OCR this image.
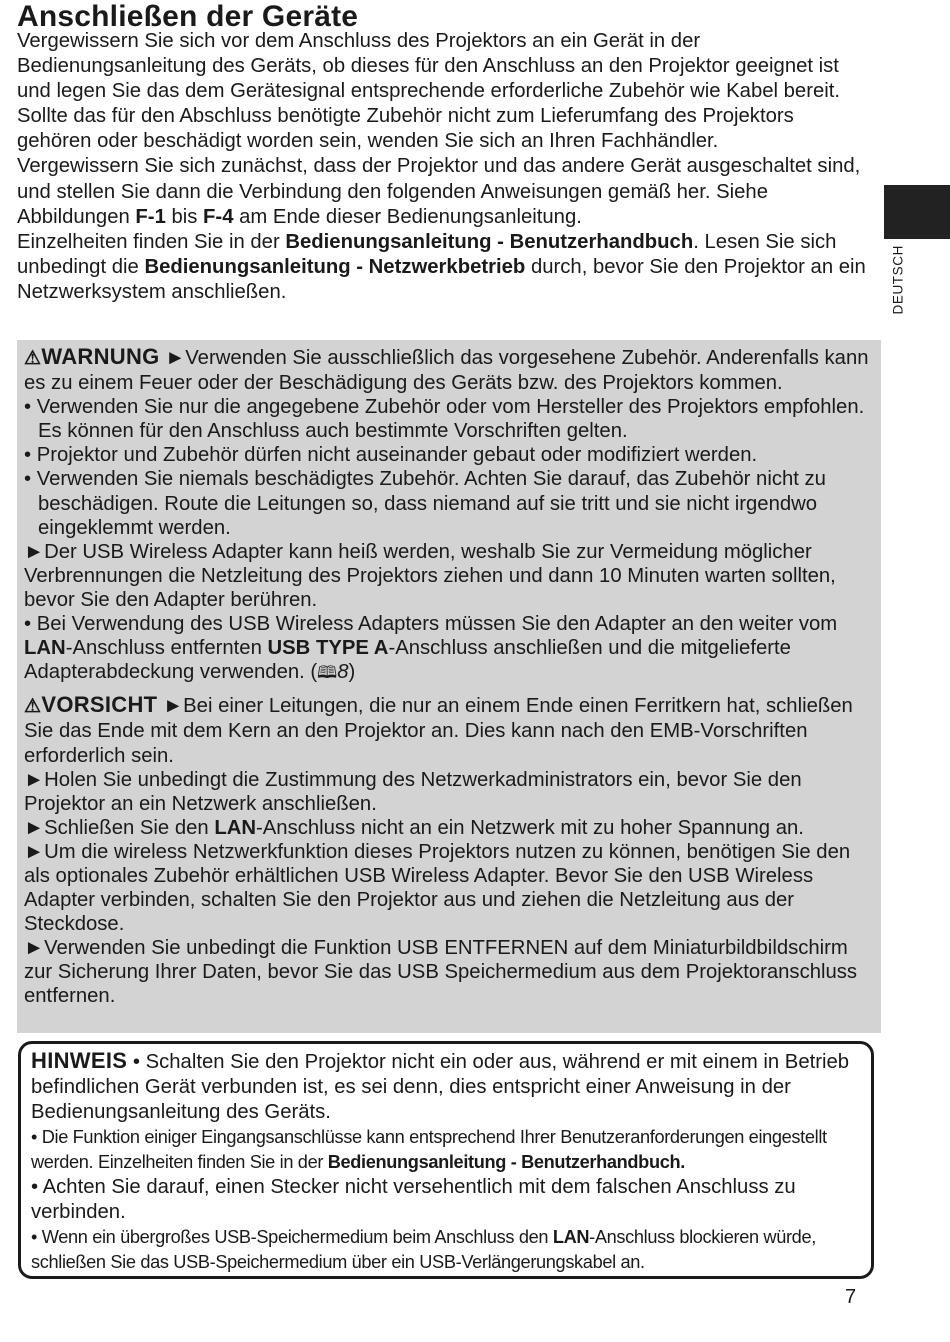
Anschließen der Geräte

Vergewissern Sie sich vor dem Anschluss des Projektors an ein Gerät in der Bedienungsanleitung des Geräts, ob dieses für den Anschluss an den Projektor geeignet ist und legen Sie das dem Gerätesignal entsprechende erforderliche Zubehör wie Kabel bereit. Sollte das für den Abschluss benötigte Zubehör nicht zum Lieferumfang des Projektors gehören oder beschädigt worden sein, wenden Sie sich an Ihren Fachhändler.

Vergewissern Sie sich zunächst, dass der Projektor und das andere Gerät ausgeschaltet sind, und stellen Sie dann die Verbindung den folgenden Anweisungen gemäß her. Siehe Abbildungen F-1 bis F-4 am Ende dieser Bedienungsanleitung.

Einzelheiten finden Sie in der Bedienungsanleitung - Benutzerhandbuch. Lesen Sie sich unbedingt die Bedienungsanleitung - Netzwerkbetrieb durch, bevor Sie den Projektor an ein Netzwerksystem anschließen.	DEUTSCH

⚠WARNUNG ►Verwenden Sie ausschließlich das vorgesehene Zubehör. Anderenfalls kann es zu einem Feuer oder der Beschädigung des Geräts bzw. des Projektors kommen.

• Verwenden Sie nur die angegebene Zubehör oder vom Hersteller des Projektors empfohlen. Es können für den Anschluss auch bestimmte Vorschriften gelten.

• Projektor und Zubehör dürfen nicht auseinander gebaut oder modifiziert werden.

• Verwenden Sie niemals beschädigtes Zubehör. Achten Sie darauf, das Zubehör nicht zu beschädigen. Route die Leitungen so, dass niemand auf sie tritt und sie nicht irgendwo eingeklemmt werden.

►Der USB Wireless Adapter kann heiß werden, weshalb Sie zur Vermeidung möglicher Verbrennungen die Netzleitung des Projektors ziehen und dann 10 Minuten warten sollten, bevor Sie den Adapter berühren.

• Bei Verwendung des USB Wireless Adapters müssen Sie den Adapter an den weiter vom LAN-Anschluss entfernten USB TYPE A-Anschluss anschließen und die mitgelieferte Adapterabdeckung verwenden. (🕮8)

⚠VORSICHT ►Bei einer Leitungen, die nur an einem Ende einen Ferritkern hat, schließen Sie das Ende mit dem Kern an den Projektor an. Dies kann nach den EMB-Vorschriften erforderlich sein.

►Holen Sie unbedingt die Zustimmung des Netzwerkadministrators ein, bevor Sie den Projektor an ein Netzwerk anschließen.

►Schließen Sie den LAN-Anschluss nicht an ein Netzwerk mit zu hoher Spannung an.

►Um die wireless Netzwerkfunktion dieses Projektors nutzen zu können, benötigen Sie den als optionales Zubehör erhältlichen USB Wireless Adapter. Bevor Sie den USB Wireless Adapter verbinden, schalten Sie den Projektor aus und ziehen die Netzleitung aus der Steckdose.

►Verwenden Sie unbedingt die Funktion USB ENTFERNEN auf dem Miniaturbildbildschirm zur Sicherung Ihrer Daten, bevor Sie das USB Speichermedium aus dem Projektoranschluss entfernen.

HINWEIS • Schalten Sie den Projektor nicht ein oder aus, während er mit einem in Betrieb befindlichen Gerät verbunden ist, es sei denn, dies entspricht einer Anweisung in der Bedienungsanleitung des Geräts.

• Die Funktion einiger Eingangsanschlüsse kann entsprechend Ihrer Benutzeranforderungen eingestellt werden. Einzelheiten finden Sie in der Bedienungsanleitung - Benutzerhandbuch.

• Achten Sie darauf, einen Stecker nicht versehentlich mit dem falschen Anschluss zu verbinden.

• Wenn ein übergroßes USB-Speichermedium beim Anschluss den LAN-Anschluss blockieren würde, schließen Sie das USB-Speichermedium über ein USB-Verlängerungskabel an.

7
